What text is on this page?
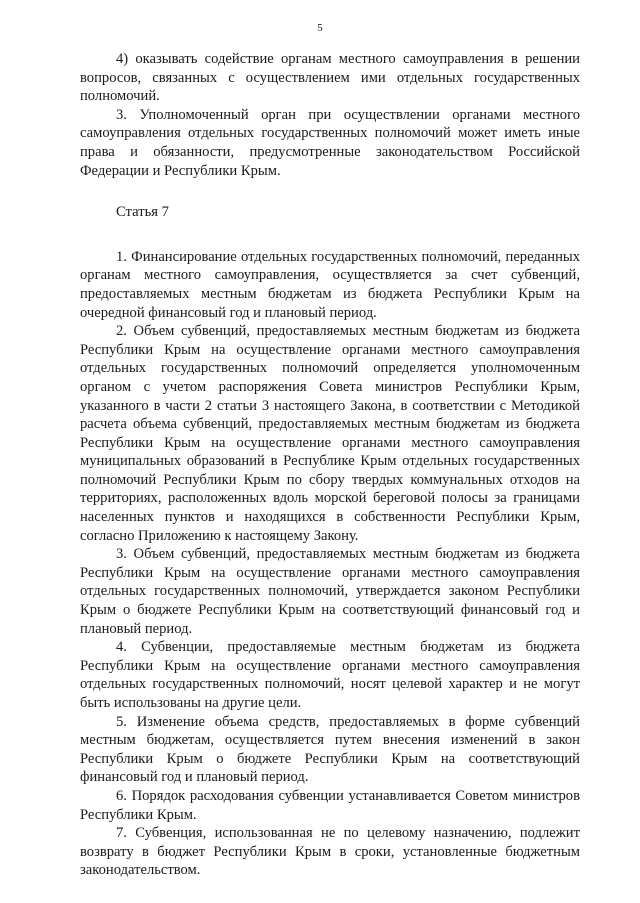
5

4) оказывать содействие органам местного самоуправления в решении вопросов, связанных с осуществлением ими отдельных государственных полномочий.

3. Уполномоченный орган при осуществлении органами местного самоуправления отдельных государственных полномочий может иметь иные права и обязанности, предусмотренные законодательством Российской Федерации и Республики Крым.

Статья 7

1. Финансирование отдельных государственных полномочий, переданных органам местного самоуправления, осуществляется за счет субвенций, предоставляемых местным бюджетам из бюджета Республики Крым на очередной финансовый год и плановый период.

2. Объем субвенций, предоставляемых местным бюджетам из бюджета Республики Крым на осуществление органами местного самоуправления отдельных государственных полномочий определяется уполномоченным органом с учетом распоряжения Совета министров Республики Крым, указанного в части 2 статьи 3 настоящего Закона, в соответствии с Методикой расчета объема субвенций, предоставляемых местным бюджетам из бюджета Республики Крым на осуществление органами местного самоуправления муниципальных образований в Республике Крым отдельных государственных полномочий Республики Крым по сбору твердых коммунальных отходов на территориях, расположенных вдоль морской береговой полосы за границами населенных пунктов и находящихся в собственности Республики Крым, согласно Приложению к настоящему Закону.

3. Объем субвенций, предоставляемых местным бюджетам из бюджета Республики Крым на осуществление органами местного самоуправления отдельных государственных полномочий, утверждается законом Республики Крым о бюджете Республики Крым на соответствующий финансовый год и плановый период.

4. Субвенции, предоставляемые местным бюджетам из бюджета Республики Крым на осуществление органами местного самоуправления отдельных государственных полномочий, носят целевой характер и не могут быть использованы на другие цели.

5. Изменение объема средств, предоставляемых в форме субвенций местным бюджетам, осуществляется путем внесения изменений в закон Республики Крым о бюджете Республики Крым на соответствующий финансовый год и плановый период.

6. Порядок расходования субвенции устанавливается Советом министров Республики Крым.

7. Субвенция, использованная не по целевому назначению, подлежит возврату в бюджет Республики Крым в сроки, установленные бюджетным законодательством.
